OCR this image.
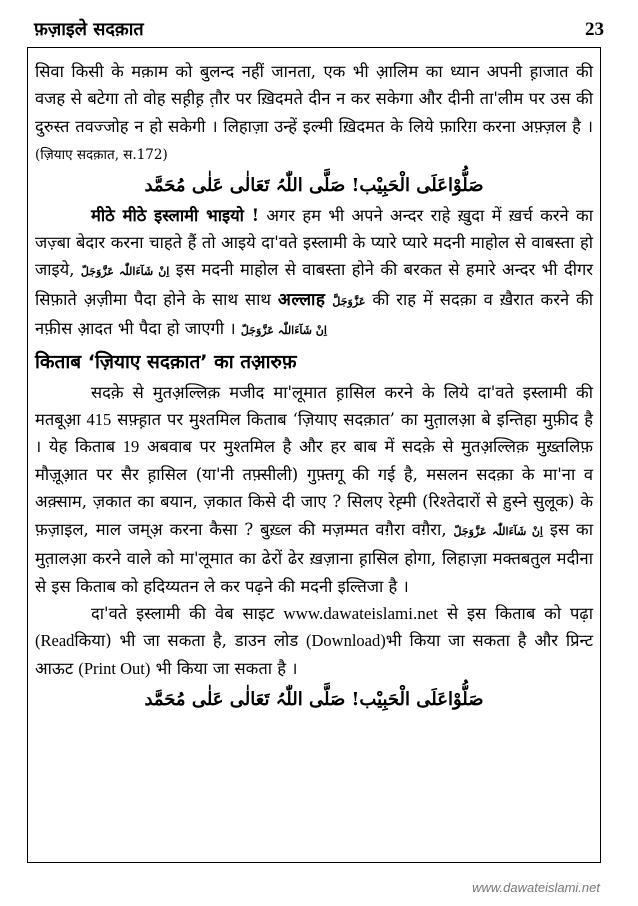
फ़ज़ाइले सदक़ात	23

सिवा किसी के मक़ाम को बुलन्द नहीं जानता, एक भी आ़लिम का ध्यान अपनी ह़ाजात की वजह से बटेगा तो वोह सह़ीह़ त़ौर पर ख़िदमते दीन न कर सकेगा और दीनी ता'लीम पर उस की दुरुस्त तवज्जोह न हो सकेगी । लिहाज़ा उन्हें इल्मी ख़िदमत के लिये फ़ारिग़ करना अफ़्ज़ल है । (ज़ियाए सदक़ात, स.172)

صَلُّوْاعَلَی الْحَبِیْب! صَلَّی اللّٰہُ تَعَالٰی عَلٰی مُحَمَّد

मीठे मीठे इस्लामी भाइयो ! अगर हम भी अपने अन्दर राहे ख़ुदा में ख़र्च करने का जज़्बा बेदार करना चाहते हैं तो आइये दा'वते इस्लामी के प्यारे प्यारे मदनी माहोल से वाबस्ता हो जाइये, اِنْ شَآءَاللّٰہ عَزَّوَجَلّ इस मदनी माहोल से वाबस्ता होने की बरकत से हमारे अन्दर भी दीगर सिफ़ाते अ़ज़ीमा पैदा होने के साथ साथ अल्लाह عَزَّوَجَلَّ की राह में सदक़ा व ख़ैरात करने की नफ़ीस आ़दत भी पैदा हो जाएगी । اِنْ شَآءَاللّٰہ عَزَّوَجَلّ

किताब ‘ज़ियाए सदक़ात’ का तआ़रुफ़

सदक़े से मुतअ़ल्लिक़ मजीद मा'लूमात ह़ासिल करने के लिये दा'वते इस्लामी की मतबूआ़ 415 सफ़्ह़ात पर मुश्तमिल किताब ‘ज़ियाए सदक़ात’ का मुत़ालआ़ बे इन्तिहा मुफ़ीद है । येह किताब 19 अबवाब पर मुश्तमिल है और हर बाब में सदक़े से मुतअ़ल्लिक़ मुख़्तलिफ़ मौज़ूआ़त पर सैर ह़ासिल (या'नी तफ़्सीली) गुफ़्तगू की गई है, मसलन सदक़ा के मा'ना व अक़्साम, ज़कात का बयान, ज़कात किसे दी जाए ? सिलए रेह़्मी (रिश्तेदारों से ह़ुस्ने सुलूक) के फ़ज़ाइल, माल जम्अ़ करना कैसा ? बुख़्ल की मज़म्मत वग़ैरा वग़ैरा, اِنْ شَآءَاللّٰہ عَزَّوَجَلّ इस का मुत़ालआ़ करने वाले को मा'लूमात का ढेरों ढेर ख़ज़ाना ह़ासिल होगा, लिहाज़ा मक्तबतुल मदीना से इस किताब को हदिय्यतन ले कर पढ़ने की मदनी इल्तिजा है ।

दा'वते इस्लामी की वेब साइट www.dawateislami.net से इस किताब को पढ़ा (Readकिया) भी जा सकता है, डाउन लोड (Download)भी किया जा सकता है और प्रिन्ट आऊट (Print Out) भी किया जा सकता है ।

صَلُّوْاعَلَی الْحَبِیْب! صَلَّی اللّٰہُ تَعَالٰی عَلٰی مُحَمَّد

www.dawateislami.net
